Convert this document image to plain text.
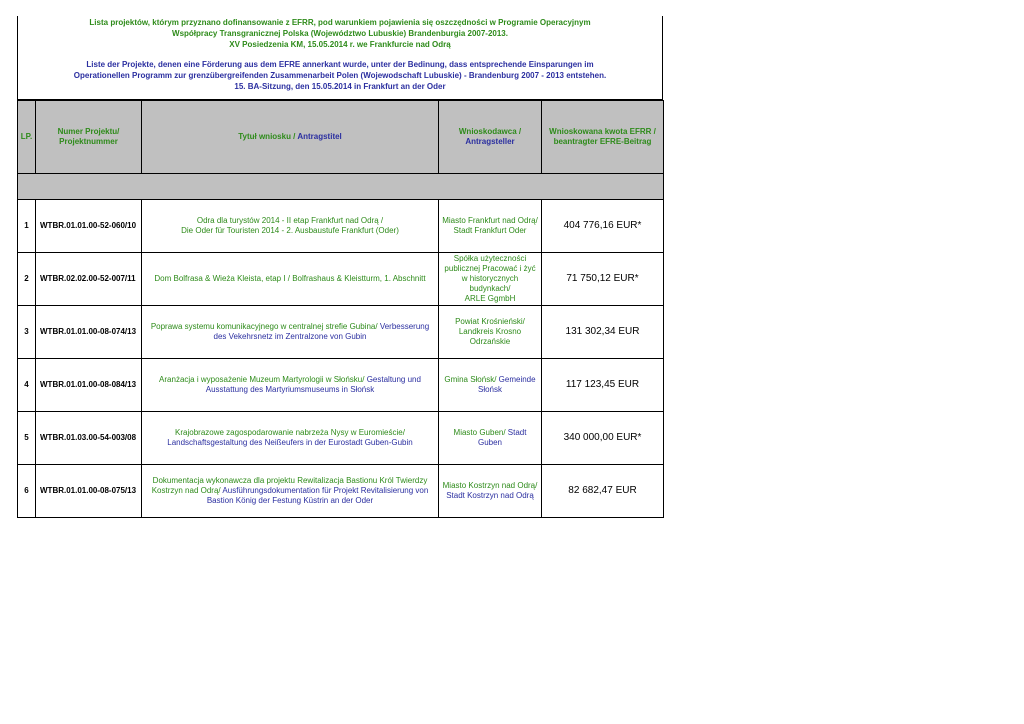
Lista projektów, którym przyznano dofinansowanie z EFRR, pod warunkiem pojawienia się oszczędności w Programie Operacyjnym
Współpracy Transgranicznej Polska (Województwo Lubuskie) Brandenburgia 2007-2013.
XV Posiedzenia KM, 15.05.2014 r. we Frankfurcie nad Odrą
Liste der Projekte, denen eine Förderung aus dem EFRE annerkant wurde, unter der Bedinung, dass entsprechende Einsparungen im
Operationellen Programm zur grenzübergreifenden Zusammenarbeit Polen (Wojewodschaft Lubuskie) - Brandenburg 2007 - 2013 entstehen.
15. BA-Sitzung, den 15.05.2014 in Frankfurt an der Oder
LP.	Numer Projektu/
Projektnummer	Tytuł wniosku / Antragstitel	Wnioskodawca /
Antragsteller	Wnioskowana kwota EFRR /
beantragter EFRE-Beitrag

1	WTBR.01.01.00-52-060/10	Odra dla turystów 2014 - II etap Frankfurt nad Odrą /
Die Oder für Touristen 2014 - 2. Ausbaustufe Frankfurt (Oder)	Miasto Frankfurt nad Odrą/
Stadt Frankfurt Oder	404 776,16 EUR*
2	WTBR.02.02.00-52-007/11	Dom Bolfrasa & Wieża Kleista, etap I / Bolfrashaus & Kleistturm, 1. Abschnitt	Spółka użyteczności publicznej Pracować i żyć w historycznych budynkach/
ARLE GgmbH	71 750,12 EUR*
3	WTBR.01.01.00-08-074/13	Poprawa systemu komunikacyjnego w centralnej strefie Gubina/ Verbesserung des Vekehrsnetz im Zentralzone von Gubin	Powiat Krośnieński/
Landkreis Krosno Odrzańskie	131 302,34 EUR
4	WTBR.01.01.00-08-084/13	Aranżacja i wyposażenie Muzeum Martyrologii w Słońsku/ Gestaltung und Ausstattung des Martyriumsmuseums in Słońsk	Gmina Słońsk/ Gemeinde Słońsk	117 123,45 EUR
5	WTBR.01.03.00-54-003/08	Krajobrazowe zagospodarowanie nabrzeża Nysy w Euromieście/ Landschaftsgestaltung des Neißeufers in der Eurostadt Guben-Gubin	Miasto Guben/ Stadt Guben	340 000,00 EUR*
6	WTBR.01.01.00-08-075/13	Dokumentacja wykonawcza dla projektu Rewitalizacja Bastionu Król Twierdzy Kostrzyn nad Odrą/ Ausführungsdokumentation für Projekt Revitalisierung von Bastion König der Festung Küstrin an der Oder	Miasto Kostrzyn nad Odrą/
Stadt Kostrzyn nad Odrą	82 682,47 EUR
